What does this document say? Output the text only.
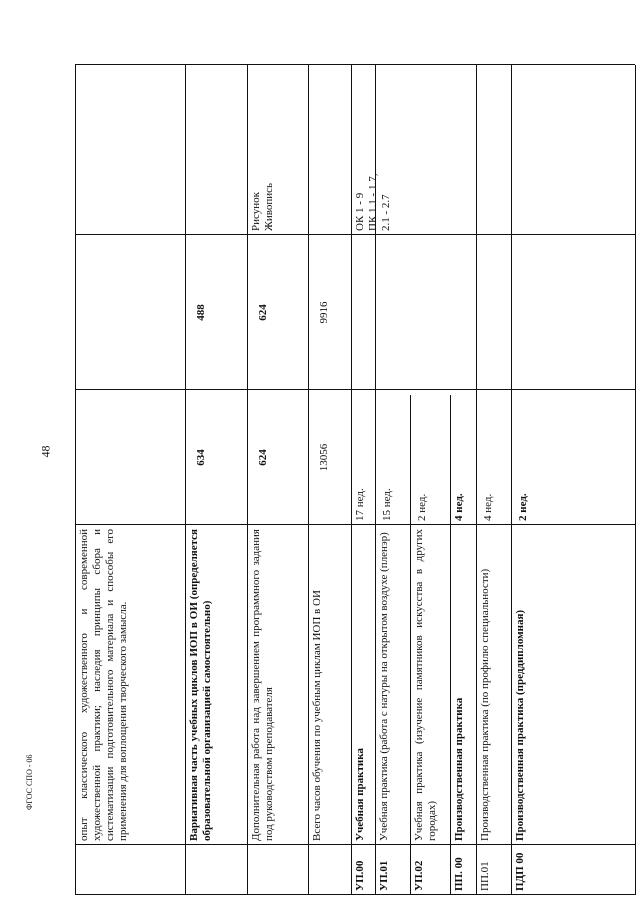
48
ФГОС СПО - 06	опыт классического художественного и современной художественной практики; наследия принципы сбора и систематизации подготовительного материала и способы его применения для воплощения творческого замысла.	Вариативная часть учебных циклов ИОП в ОИ (определяется образовательной организацией самостоятельно)
634
488
Дополнительная работа над завершением программного задания под руководством преподавателя
624
624
Рисунок
Живопись
Всего часов обучения по учебным циклам ИОП в ОИ
13056
9916
УП.00
Учебная практика
17 нед.
ОК 1 - 9
ПК 1.1 - 1.7,
2.1 - 2.7
УП.01
Учебная практика (работа с натуры на открытом воздухе (пленэр)
15 нед.
УП.02
Учебная практика (изучение памятников искусства в других городах)
2 нед.
ПП. 00
Производственная практика
4 нед.
ПП.01
Производственная практика (по профилю специальности)
4 нед.
ПДП 00
Производственная практика (преддипломная)
2 нед.
